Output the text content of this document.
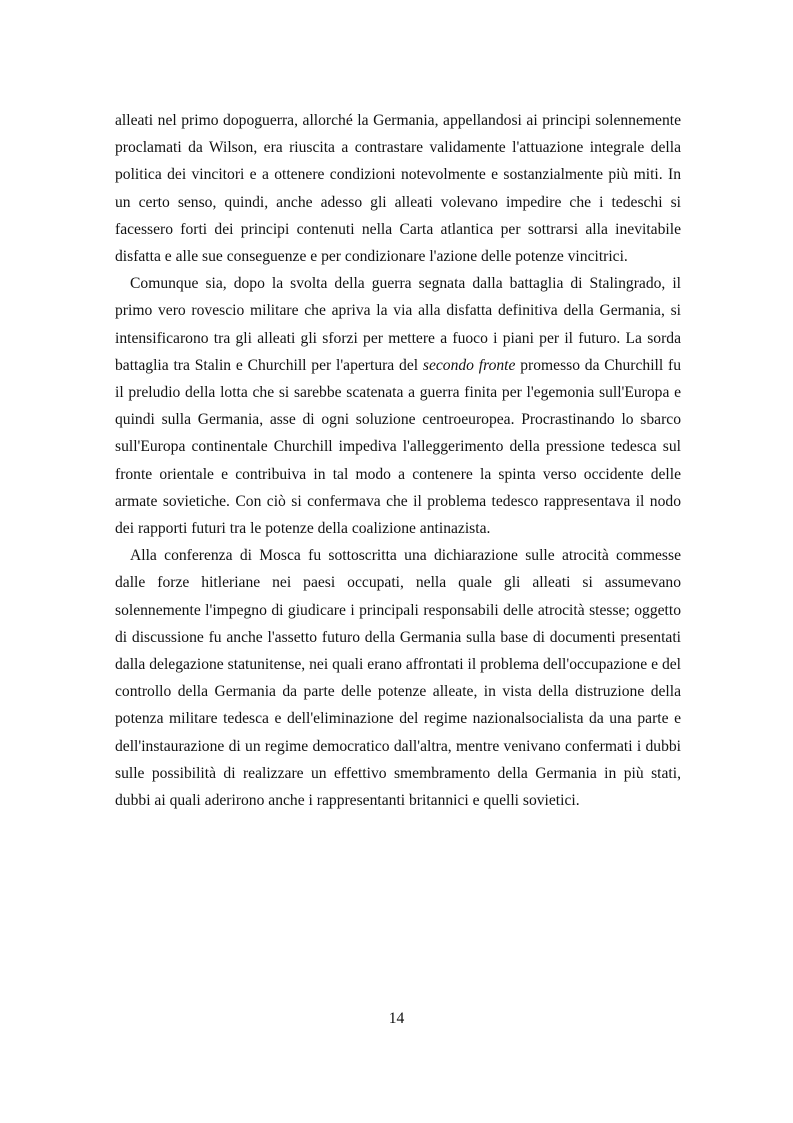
alleati nel primo dopoguerra, allorché la Germania, appellandosi ai principi solennemente proclamati da Wilson, era riuscita a contrastare validamente l'attuazione integrale della politica dei vincitori e a ottenere condizioni notevolmente e sostanzialmente più miti. In un certo senso, quindi, anche adesso gli alleati volevano impedire che i tedeschi si facessero forti dei principi contenuti nella Carta atlantica per sottrarsi alla inevitabile disfatta e alle sue conseguenze e per condizionare l'azione delle potenze vincitrici.

Comunque sia, dopo la svolta della guerra segnata dalla battaglia di Stalingrado, il primo vero rovescio militare che apriva la via alla disfatta definitiva della Germania, si intensificarono tra gli alleati gli sforzi per mettere a fuoco i piani per il futuro. La sorda battaglia tra Stalin e Churchill per l'apertura del secondo fronte promesso da Churchill fu il preludio della lotta che si sarebbe scatenata a guerra finita per l'egemonia sull'Europa e quindi sulla Germania, asse di ogni soluzione centroeuropea. Procrastinando lo sbarco sull'Europa continentale Churchill impediva l'alleggerimento della pressione tedesca sul fronte orientale e contribuiva in tal modo a contenere la spinta verso occidente delle armate sovietiche. Con ciò si confermava che il problema tedesco rappresentava il nodo dei rapporti futuri tra le potenze della coalizione antinazista.

Alla conferenza di Mosca fu sottoscritta una dichiarazione sulle atrocità commesse dalle forze hitleriane nei paesi occupati, nella quale gli alleati si assumevano solennemente l'impegno di giudicare i principali responsabili delle atrocità stesse; oggetto di discussione fu anche l'assetto futuro della Germania sulla base di documenti presentati dalla delegazione statunitense, nei quali erano affrontati il problema dell'occupazione e del controllo della Germania da parte delle potenze alleate, in vista della distruzione della potenza militare tedesca e dell'eliminazione del regime nazionalsocialista da una parte e dell'instaurazione di un regime democratico dall'altra, mentre venivano confermati i dubbi sulle possibilità di realizzare un effettivo smembramento della Germania in più stati, dubbi ai quali aderirono anche i rappresentanti britannici e quelli sovietici.

14
